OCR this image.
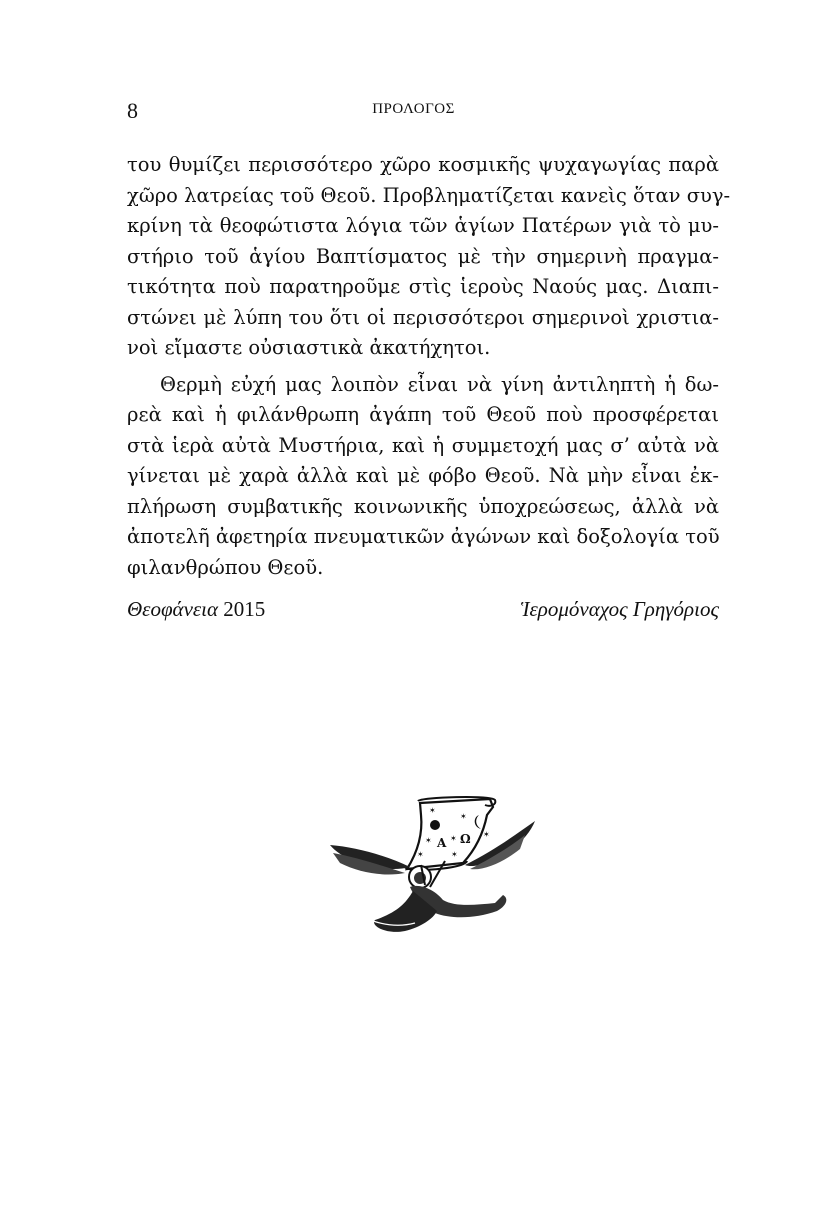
8	ΠΡΟΛΟΓΟΣ
του θυμίζει περισσότερο χῶρο κοσμικῆς ψυχαγωγίας παρὰ
χῶρο λατρείας τοῦ Θεοῦ. Προβληματίζεται κανεὶς ὅταν συγ-
κρίνη τὰ θεοφώτιστα λόγια τῶν ἁγίων Πατέρων γιὰ τὸ μυ-
στήριο τοῦ ἁγίου Βαπτίσματος μὲ τὴν σημερινὴ πραγμα-
τικότητα ποὺ παρατηροῦμε στὶς ἱεροὺς Ναούς μας. Διαπι-
στώνει μὲ λύπη του ὅτι οἱ περισσότεροι σημερινοὶ χριστια-
νοὶ εἴμαστε οὐσιαστικὰ ἀκατήχητοι.
Θερμὴ εὐχή μας λοιπὸν εἶναι νὰ γίνη ἀντιληπτὴ ἡ δω-
ρεὰ καὶ ἡ φιλάνθρωπη ἀγάπη τοῦ Θεοῦ ποὺ προσφέρεται
στὰ ἱερὰ αὐτὰ Μυστήρια, καὶ ἡ συμμετοχή μας σ’ αὐτὰ νὰ
γίνεται μὲ χαρὰ ἀλλὰ καὶ μὲ φόβο Θεοῦ. Νὰ μὴν εἶναι ἐκ-
πλήρωση συμβατικῆς κοινωνικῆς ὑποχρεώσεως, ἀλλὰ νὰ
ἀποτελῆ ἀφετηρία πνευματικῶν ἀγώνων καὶ δοξολογία τοῦ
φιλανθρώπου Θεοῦ.
Θεοφάνεια 2015	Ἱερομόναχος Γρηγόριος
Α Ω
✶
✶
✶
✶ ✶
✶	✶
